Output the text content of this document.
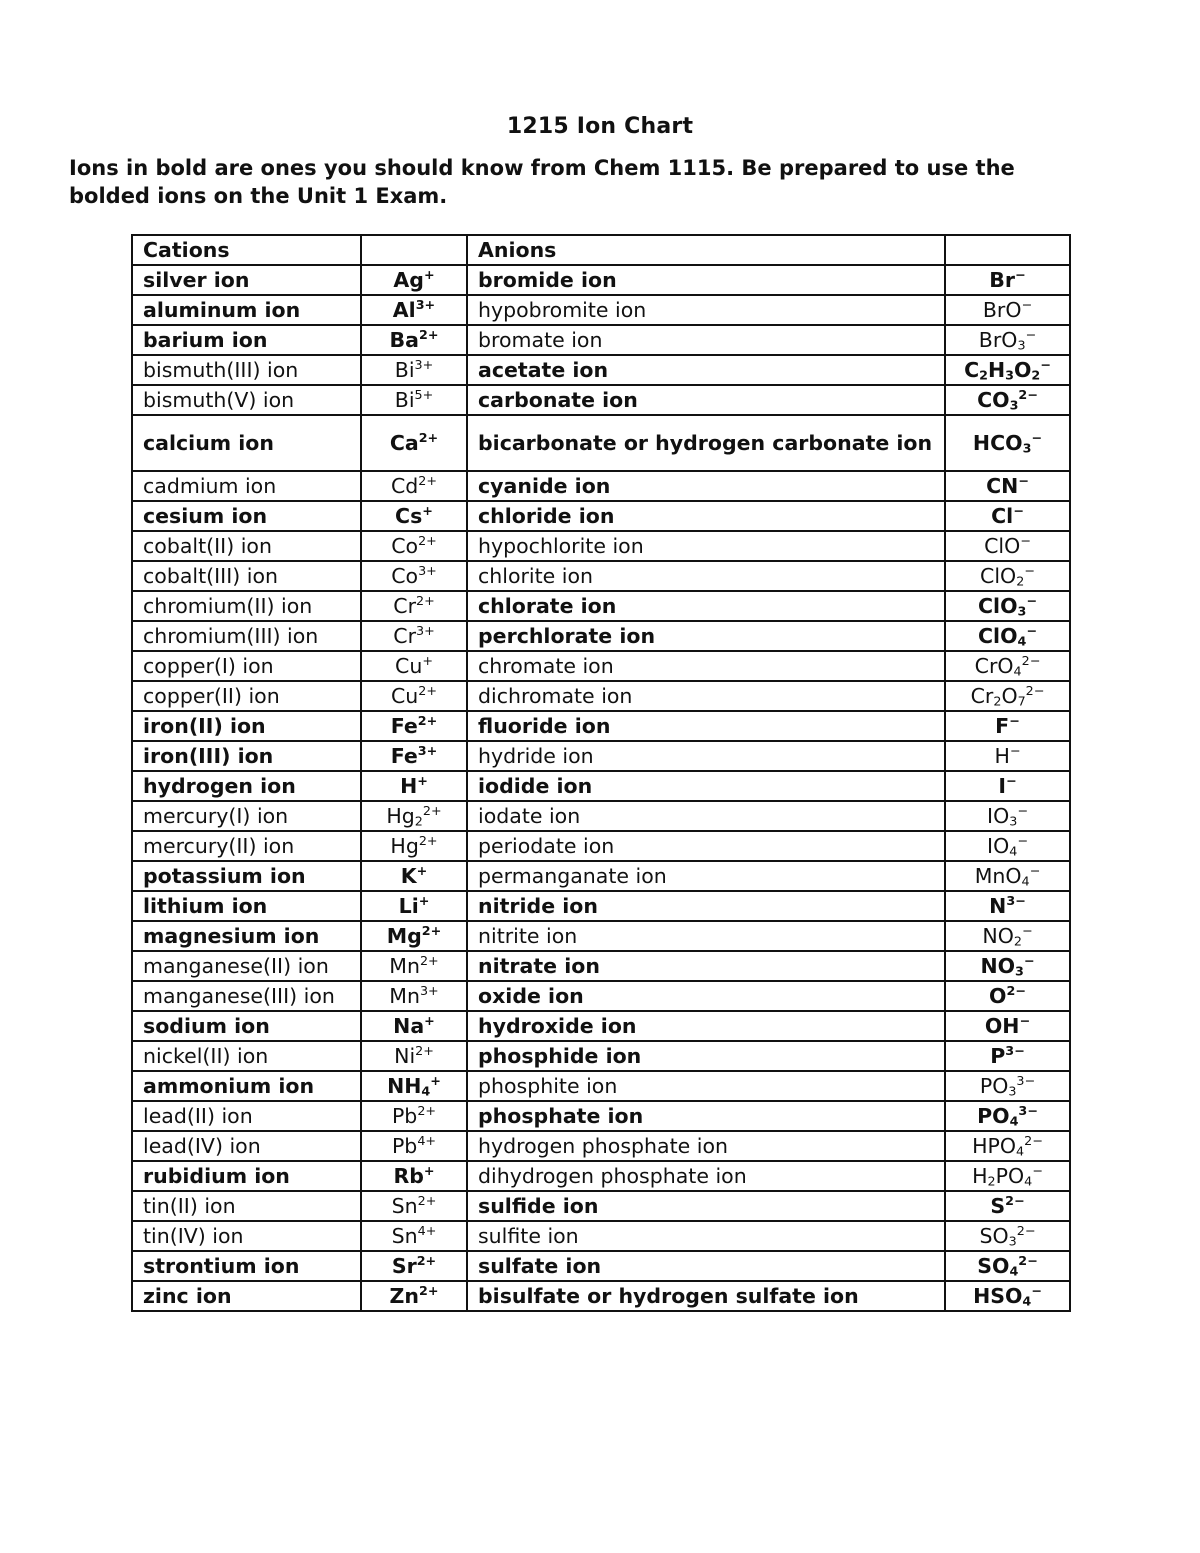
1215 Ion Chart

Ions in bold are ones you should know from Chem 1115. Be prepared to use the

bolded ions on the Unit 1 Exam.

Cations		Anions	
silver ion	Ag+	bromide ion	Br−
aluminum ion	$Al^{3+}$	hypobromite ion	BrO−
barium ion	$Ba^{2+}$	bromate ion	BrO$_3$−
bismuth(III) ion	$Bi^{3+}$	acetate ion	$C_2H_3O_2^-$
bismuth(V) ion	$Bi^{5+}$	carbonate ion	$CO_3^{2-}$
calcium ion	$Ca^{2+}$	bicarbonate or hydrogen carbonate ion	$HCO_3^-$
cadmium ion	$Cd^{2+}$	cyanide ion	CN−
cesium ion	Cs+	chloride ion	Cl−
cobalt(II) ion	$Co^{2+}$	hypochlorite ion	ClO−
cobalt(III) ion	$Co^{3+}$	chlorite ion	ClO$_2$−
chromium(II) ion	$Cr^{2+}$	chlorate ion	ClO$_3$−
chromium(III) ion	$Cr^{3+}$	perchlorate ion	ClO$_4$−
copper(I) ion	Cu+	chromate ion	CrO$_4^{2-}$
copper(II) ion	$Cu^{2+}$	dichromate ion	$Cr_2O_7^{2-}$
iron(II) ion	$Fe^{2+}$	fluoride ion	F−
iron(III) ion	$Fe^{3+}$	hydride ion	H−
hydrogen ion	H+	iodide ion	I−
mercury(I) ion	$Hg_2^{2+}$	iodate ion	$IO_3^-$
mercury(II) ion	$Hg^{2+}$	periodate ion	$IO_4^-$
potassium ion	K+	permanganate ion	MnO$_4$−
lithium ion	Li+	nitride ion	$N^{3-}$
magnesium ion	$Mg^{2+}$	nitrite ion	$NO_2^-$
manganese(II) ion	$Mn^{2+}$	nitrate ion	$NO_3^-$
manganese(III) ion	$Mn^{3+}$	oxide ion	$O^{2-}$
sodium ion	Na+	hydroxide ion	OH−
nickel(II) ion	$Ni^{2+}$	phosphide ion	$P^{3-}$
ammonium ion	$NH_4^+$	phosphite ion	$PO_3^{3-}$
lead(II) ion	$Pb^{2+}$	phosphate ion	$PO_4^{3-}$
lead(IV) ion	$Pb^{4+}$	hydrogen phosphate ion	$HPO_4^{2-}$
rubidium ion	Rb+	dihydrogen phosphate ion	$H_2PO_4^-$
tin(II) ion	$Sn^{2+}$	sulfide ion	$S^{2-}$
tin(IV) ion	$Sn^{4+}$	sulfite ion	$SO_3^{2-}$
strontium ion	$Sr^{2+}$	sulfate ion	$SO_4^{2-}$
zinc ion	$Zn^{2+}$	bisulfate or hydrogen sulfate ion	$HSO_4^-$
